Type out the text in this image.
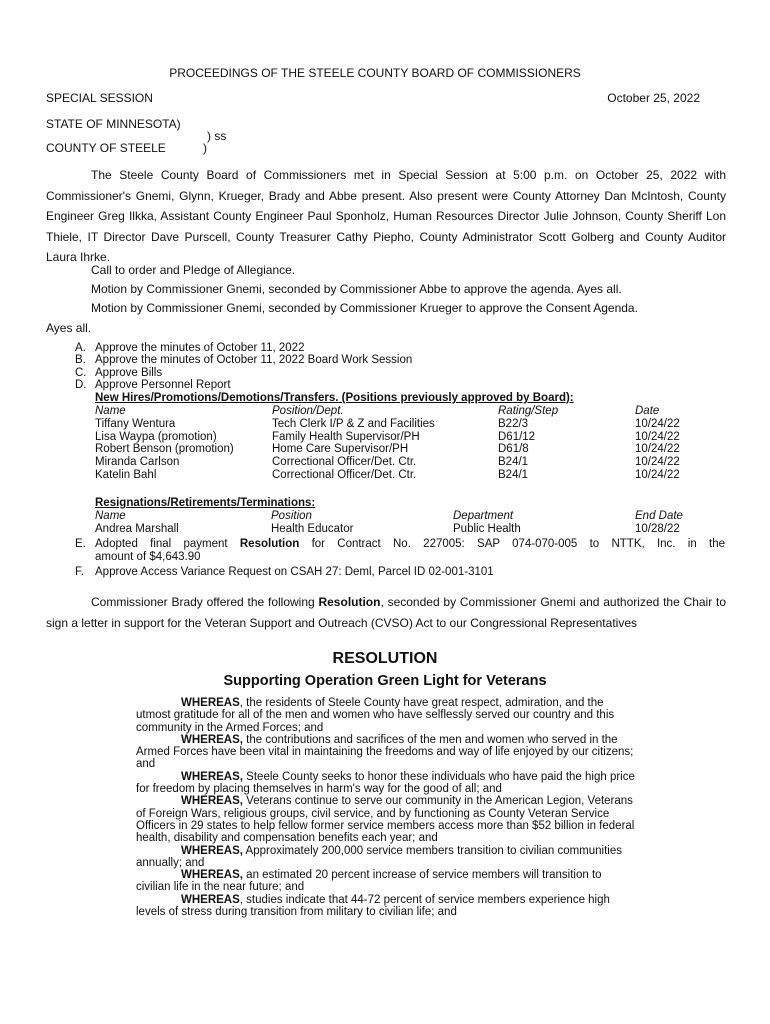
PROCEEDINGS OF THE STEELE COUNTY BOARD OF COMMISSIONERS
SPECIAL SESSION	October 25, 2022
STATE OF MINNESOTA)
) ss
COUNTY OF STEELE	)
The Steele County Board of Commissioners met in Special Session at 5:00 p.m. on October 25, 2022 with Commissioner's Gnemi, Glynn, Krueger, Brady and Abbe present. Also present were County Attorney Dan McIntosh, County Engineer Greg Ilkka, Assistant County Engineer Paul Sponholz, Human Resources Director Julie Johnson, County Sheriff Lon Thiele, IT Director Dave Purscell, County Treasurer Cathy Piepho, County Administrator Scott Golberg and County Auditor Laura Ihrke.
Call to order and Pledge of Allegiance.
Motion by Commissioner Gnemi, seconded by Commissioner Abbe to approve the agenda. Ayes all.
Motion by Commissioner Gnemi, seconded by Commissioner Krueger to approve the Consent Agenda.
Ayes all.
A. Approve the minutes of October 11, 2022
B. Approve the minutes of October 11, 2022 Board Work Session
C. Approve Bills
D. Approve Personnel Report
New Hires/Promotions/Demotions/Transfers. (Positions previously approved by Board):
Name	Position/Dept.	Rating/Step	Date
Tiffany Wentura	Tech Clerk I/P & Z and Facilities	B22/3	10/24/22
Lisa Waypa (promotion)	Family Health Supervisor/PH	D61/12	10/24/22
Robert Benson (promotion)	Home Care Supervisor/PH	D61/8	10/24/22
Miranda Carlson	Correctional Officer/Det. Ctr.	B24/1	10/24/22
Katelin Bahl	Correctional Officer/Det. Ctr.	B24/1	10/24/22
Resignations/Retirements/Terminations:
Name	Position	Department	End Date
Andrea Marshall	Health Educator	Public Health	10/28/22
E. Adopted final payment Resolution for Contract No. 227005: SAP 074-070-005 to NTTK, Inc. in the
amount of $4,643.90
F. Approve Access Variance Request on CSAH 27: Deml, Parcel ID 02-001-3101
Commissioner Brady offered the following Resolution, seconded by Commissioner Gnemi and authorized the Chair to sign a letter in support for the Veteran Support and Outreach (CVSO) Act to our Congressional Representatives
RESOLUTION
Supporting Operation Green Light for Veterans

WHEREAS, the residents of Steele County have great respect, admiration, and the utmost gratitude for all of the men and women who have selflessly served our country and this community in the Armed Forces; and

WHEREAS, the contributions and sacrifices of the men and women who served in the Armed Forces have been vital in maintaining the freedoms and way of life enjoyed by our citizens; and

WHEREAS, Steele County seeks to honor these individuals who have paid the high price for freedom by placing themselves in harm's way for the good of all; and

WHEREAS, Veterans continue to serve our community in the American Legion, Veterans of Foreign Wars, religious groups, civil service, and by functioning as County Veteran Service Officers in 29 states to help fellow former service members access more than $52 billion in federal health, disability and compensation benefits each year; and

WHEREAS, Approximately 200,000 service members transition to civilian communities annually; and

WHEREAS, an estimated 20 percent increase of service members will transition to civilian life in the near future; and

WHEREAS, studies indicate that 44-72 percent of service members experience high levels of stress during transition from military to civilian life; and
